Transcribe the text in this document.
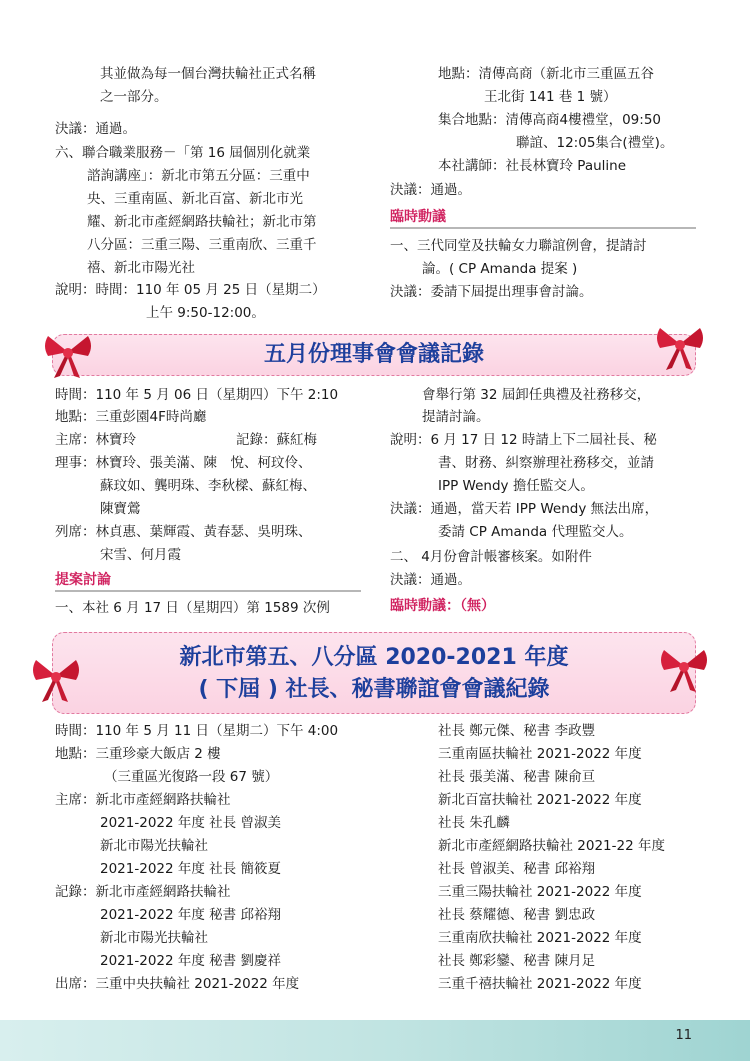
其並做為每一個台灣扶輪社正式名稱
之一部分。
決議：通過。
六、聯合職業服務－「第 16 屆個別化就業
諮詢講座」：新北市第五分區：三重中
央、三重南區、新北百富、新北市光
耀、新北市產經網路扶輪社；新北市第
八分區：三重三陽、三重南欣、三重千
禧、新北市陽光社
說明：時間：110 年 05 月 25 日（星期二）
上午 9:50-12:00。
地點：清傳高商（新北市三重區五谷
王北街 141 巷 1 號）
集合地點：清傳高商4樓禮堂，09:50
聯誼、12:05集合(禮堂)。
本社講師：社長林寶玲 Pauline
決議：通過。
一、三代同堂及扶輪女力聯誼例會，提請討
論。( CP Amanda 提案 )
決議：委請下屆提出理事會討論。
臨時動議
五月份理事會會議記錄
時間：110 年 5 月 06 日（星期四）下午 2:10
地點：三重彭園4F時尚廳
主席：林寶玲	記錄：蘇紅梅
理事：林寶玲、張美滿、陳　悅、柯玟伶、
蘇玟如、龔明珠、李秋樑、蘇紅梅、
陳寶鶯
列席：林貞惠、葉輝霞、黃春瑟、吳明珠、
宋雪、何月霞
一、本社 6 月 17 日（星期四）第 1589 次例
提案討論
會舉行第 32 屆卸任典禮及社務移交，
提請討論。
說明：6 月 17 日 12 時請上下二屆社長、秘
書、財務、糾察辦理社務移交，並請
IPP Wendy 擔任監交人。
決議：通過，當天若 IPP Wendy 無法出席，
委請 CP Amanda 代理監交人。
二、 4月份會計帳審核案。如附件
決議：通過。
臨時動議：（無）
新北市第五、八分區 2020-2021 年度
( 下屆 ) 社長、秘書聯誼會會議紀錄
時間：110 年 5 月 11 日（星期二）下午 4:00
地點：三重珍豪大飯店 2 樓
（三重區光復路一段 67 號）
主席：新北市產經網路扶輪社
2021-2022 年度 社長 曾淑美
新北市陽光扶輪社
2021-2022 年度 社長 簡筱夏
記錄：新北市產經網路扶輪社
2021-2022 年度 秘書 邱裕翔
新北市陽光扶輪社
2021-2022 年度 秘書 劉慶祥
出席：三重中央扶輪社 2021-2022 年度
社長 鄭元傑、秘書 李政豐
三重南區扶輪社 2021-2022 年度
社長 張美滿、秘書 陳俞亘
新北百富扶輪社 2021-2022 年度
社長 朱孔麟
新北市產經網路扶輪社 2021-22 年度
社長 曾淑美、秘書 邱裕翔
三重三陽扶輪社 2021-2022 年度
社長 蔡耀德、秘書 劉忠政
三重南欣扶輪社 2021-2022 年度
社長 鄭彩鑾、秘書 陳月足
三重千禧扶輪社 2021-2022 年度
11
